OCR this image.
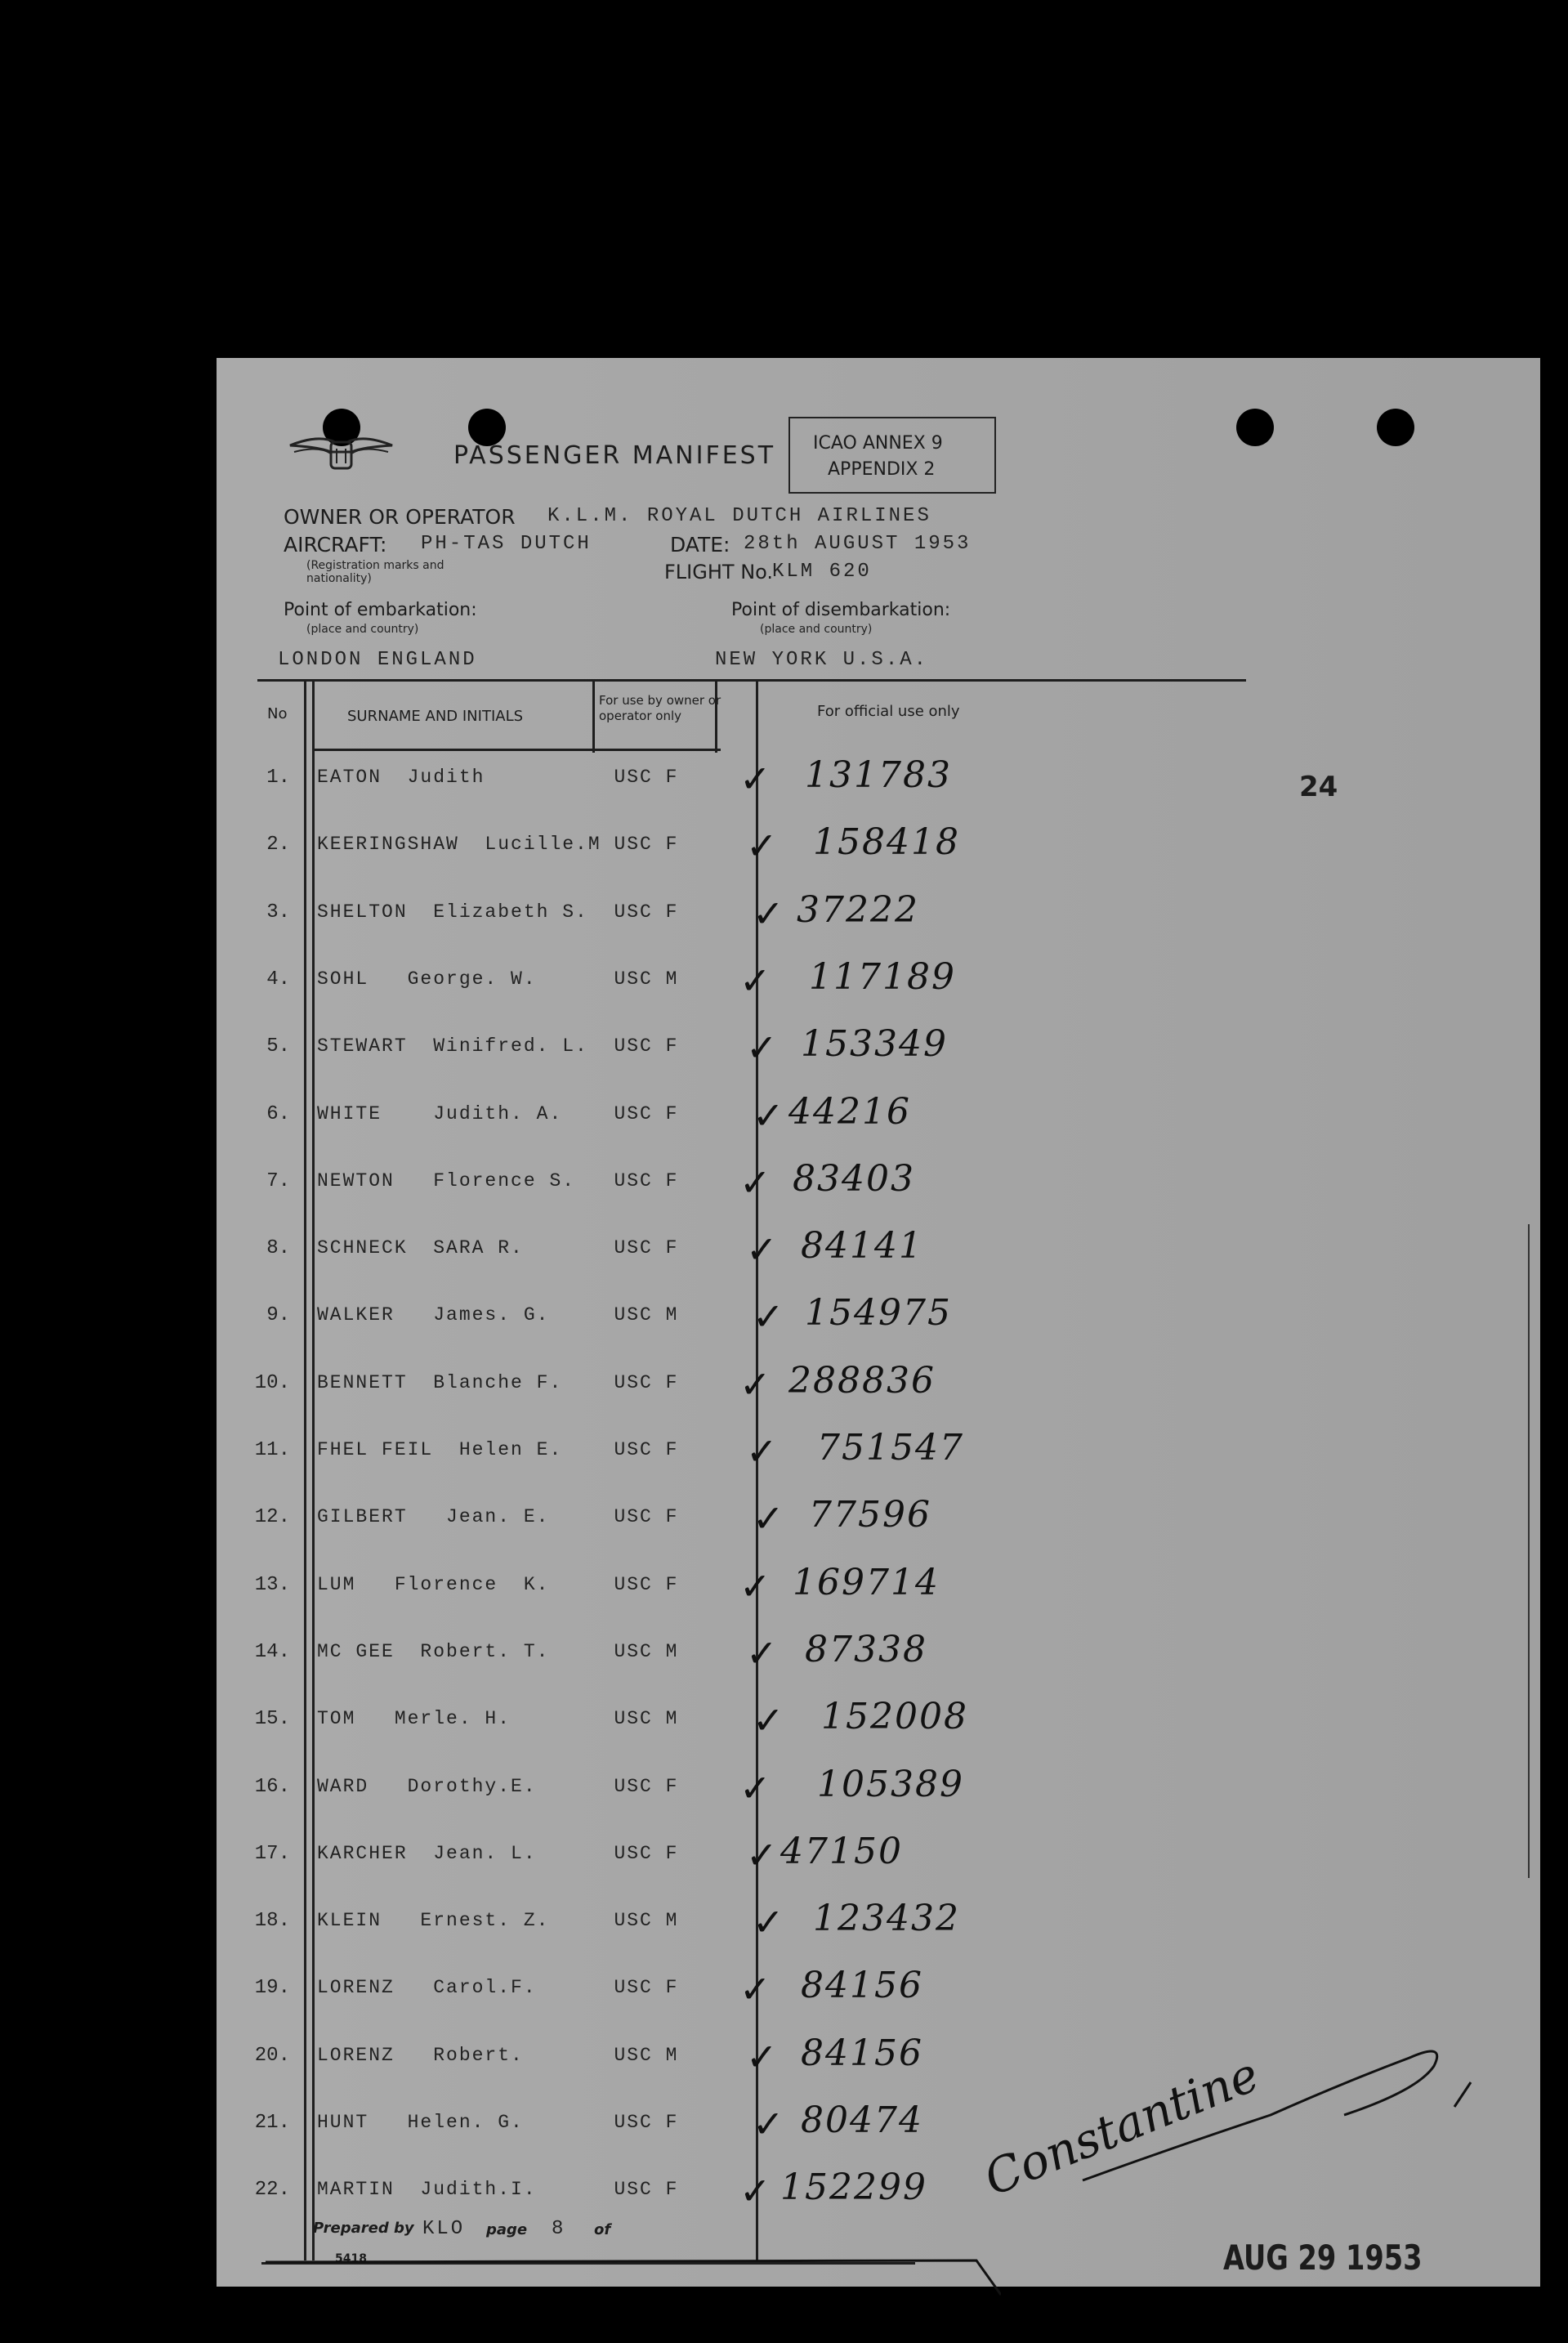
PASSENGER MANIFEST ICAO ANNEX 9
APPENDIX 2
OWNER OR OPERATOR K.L.M. ROYAL DUTCH AIRLINES
AIRCRAFT: PH-TAS DUTCH	DATE: 28th AUGUST 1953
(Registration marks and nationality)	FLIGHT No.
KLM 620
Point of embarkation:
(place and country)
Point of disembarkation:
(place and country)
LONDON ENGLAND	NEW YORK U.S.A.
24
No	SURNAME AND INITIALS
For use by owner or operator only	For official use only
1. EATON  Judith          USC F ✓ 131783
2. KEERINGSHAW  Lucille.M USC F ✓ 158418
3. SHELTON  Elizabeth S.  USC F ✓ 37222
4. SOHL   George. W.      USC M ✓ 117189
5. STEWART  Winifred. L.  USC F ✓ 153349
6. WHITE    Judith. A.    USC F ✓ 44216
7. NEWTON   Florence S.   USC F ✓ 83403
8. SCHNECK  SARA R.       USC F ✓ 84141
9. WALKER   James. G.     USC M ✓ 154975
10. BENNETT  Blanche F.    USC F ✓ 288836
11. FHEL FEIL  Helen E.    USC F ✓ 751547
12. GILBERT   Jean. E.     USC F ✓ 77596
13. LUM   Florence  K.     USC F ✓ 169714
14. MC GEE  Robert. T.     USC M ✓ 87338
15. TOM   Merle. H.        USC M ✓ 152008
16. WARD   Dorothy.E.      USC F ✓ 105389
17. KARCHER  Jean. L.      USC F ✓ 47150
18. KLEIN   Ernest. Z.     USC M ✓ 123432
19. LORENZ   Carol.F.      USC F ✓ 84156
20. LORENZ   Robert.       USC M ✓ 84156
21. HUNT   Helen. G.       USC F ✓ 80474
22. MARTIN  Judith.I.      USC F ✓ 152299
Prepared by KLO page 8 of
5418	AUG 29 1953
Constantine
